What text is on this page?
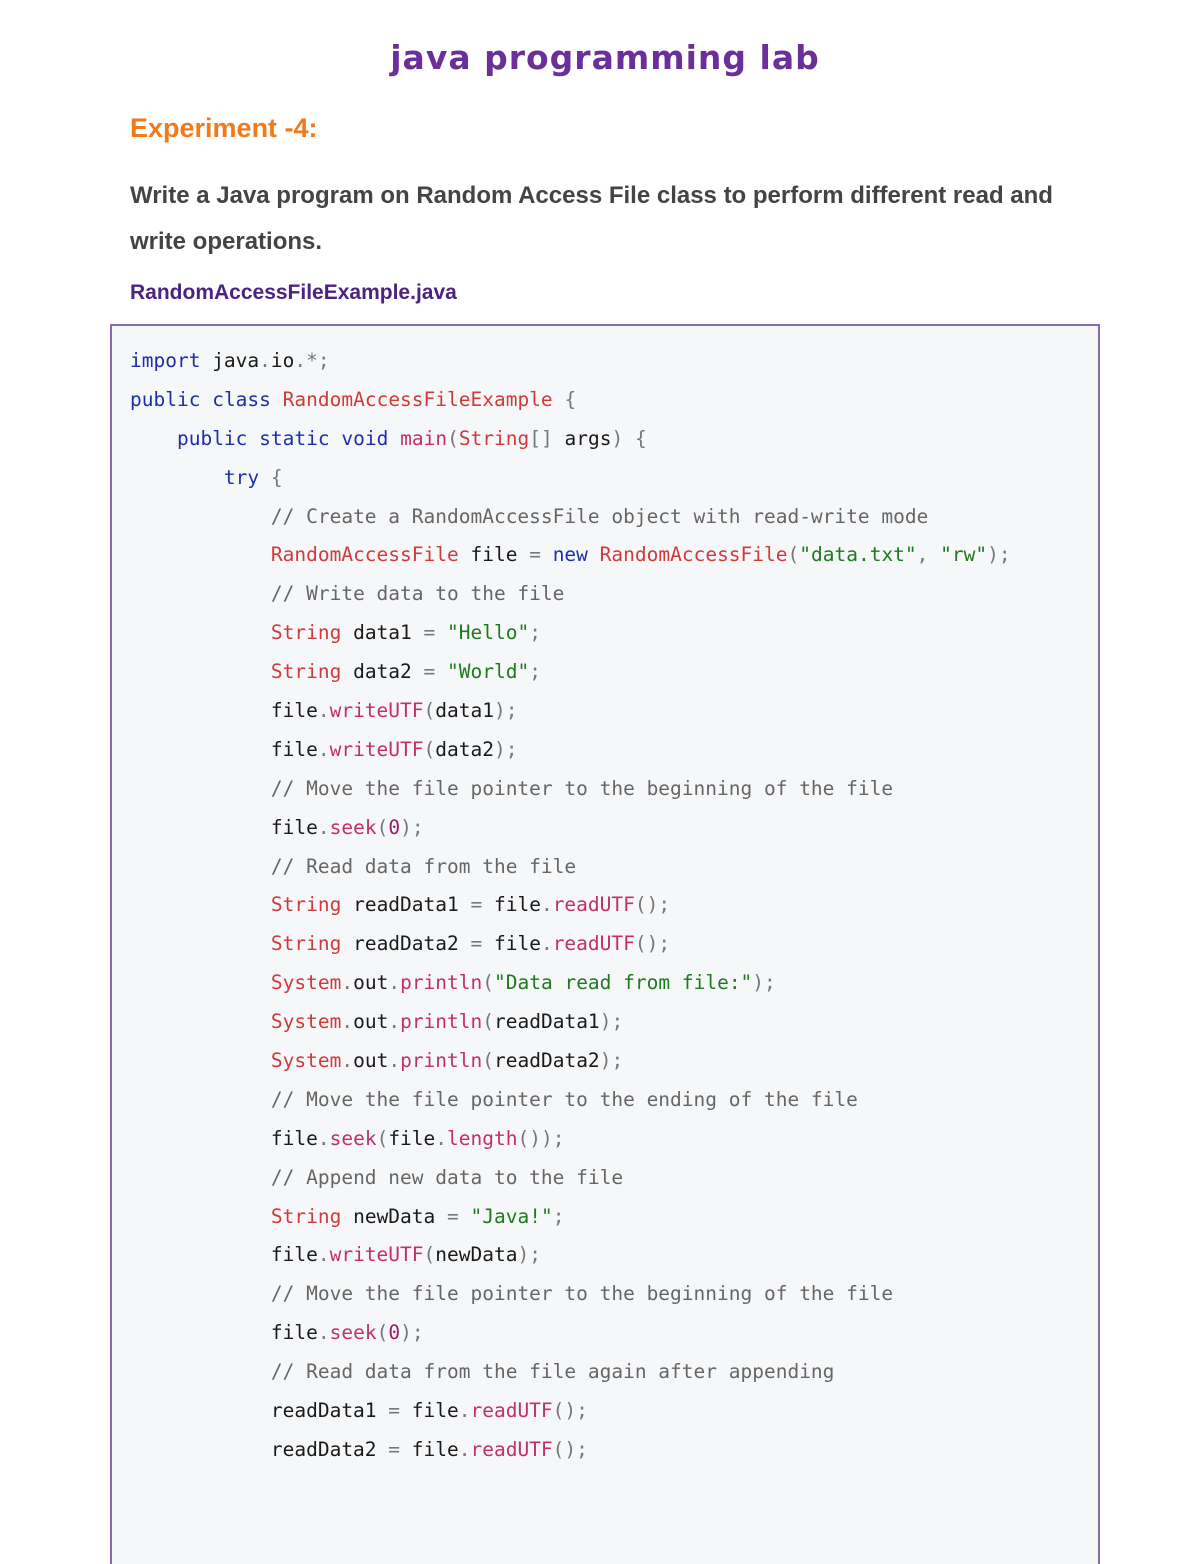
java programming lab
Experiment -4:
Write a Java program on Random Access File class to perform different read and write operations.
RandomAccessFileExample.java
import java.io.*;
public class RandomAccessFileExample {
public static void main(String[] args) {
try {
// Create a RandomAccessFile object with read-write mode
RandomAccessFile file = new RandomAccessFile("data.txt", "rw");
// Write data to the file
String data1 = "Hello";
String data2 = "World";
file.writeUTF(data1);
file.writeUTF(data2);
// Move the file pointer to the beginning of the file
file.seek(0);
// Read data from the file
String readData1 = file.readUTF();
String readData2 = file.readUTF();
System.out.println("Data read from file:");
System.out.println(readData1);
System.out.println(readData2);
// Move the file pointer to the ending of the file
file.seek(file.length());
// Append new data to the file
String newData = "Java!";
file.writeUTF(newData);
// Move the file pointer to the beginning of the file
file.seek(0);
// Read data from the file again after appending
readData1 = file.readUTF();
readData2 = file.readUTF();
